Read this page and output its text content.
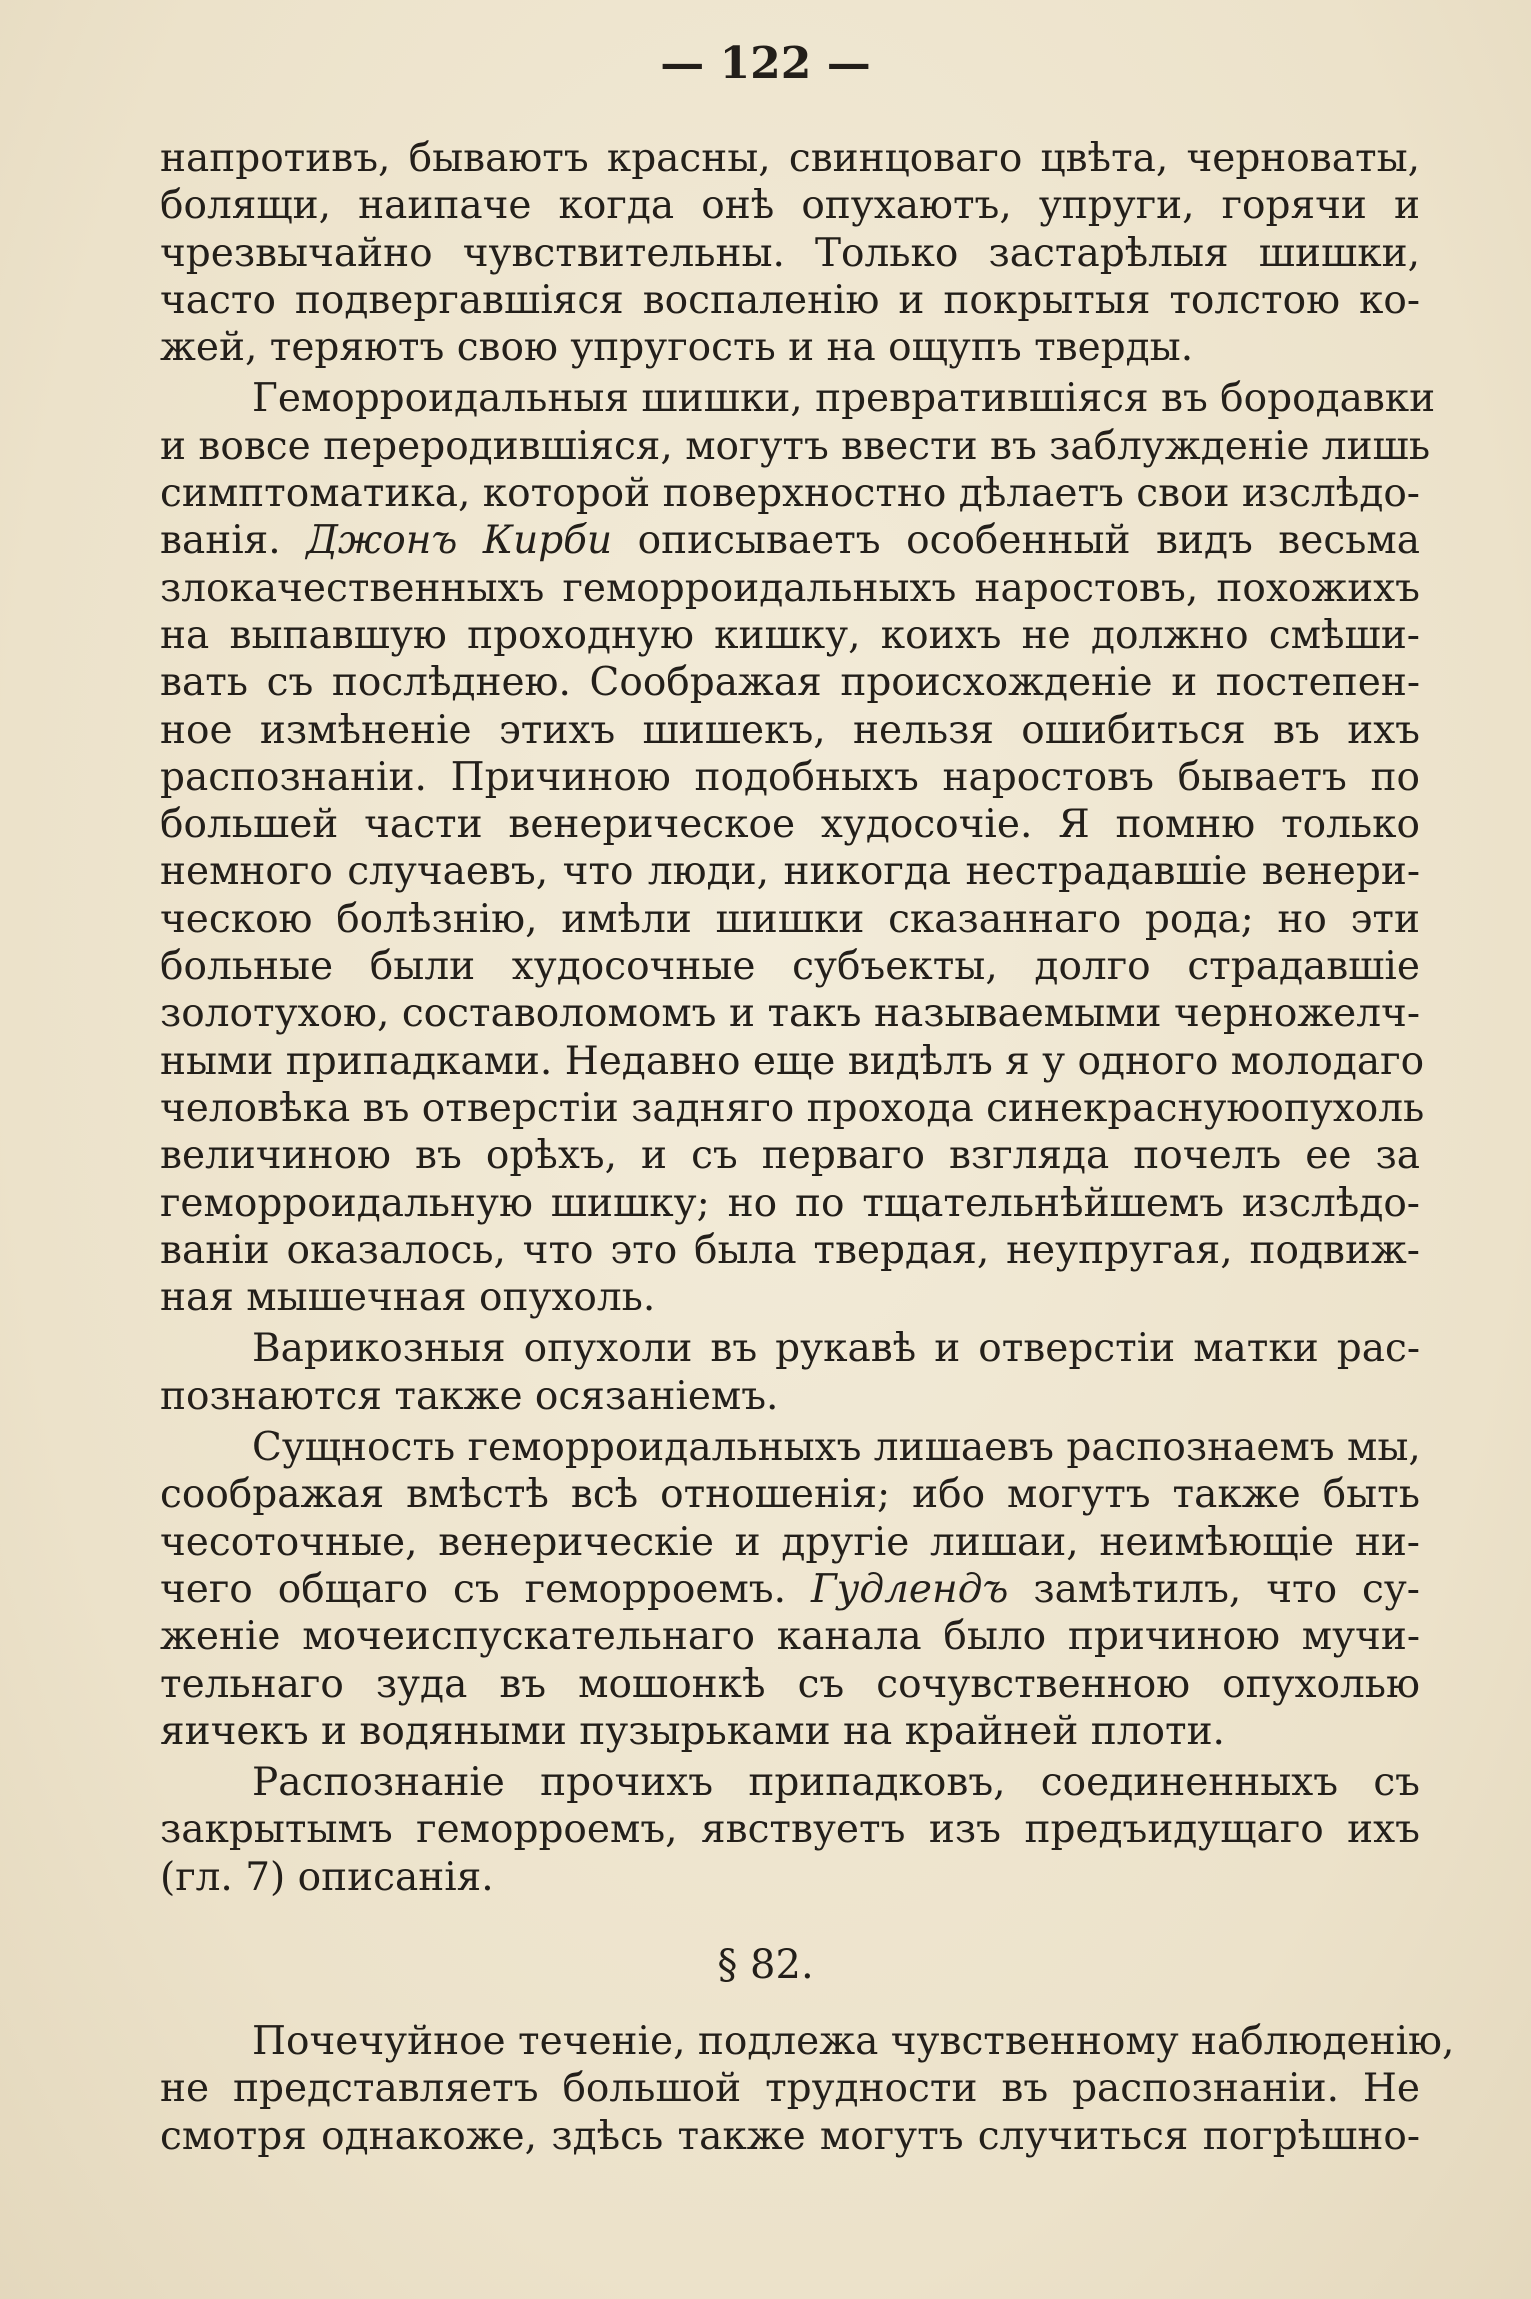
— 122 —
напротивъ, бываютъ красны, свинцоваго цвѣта, черноваты,
болящи, наипаче когда онѣ опухаютъ, упруги, горячи и
чрезвычайно чувствительны. Только застарѣлыя шишки,
часто подвергавшіяся воспаленію и покрытыя толстою ко-
жей, теряютъ свою упругость и на ощупъ тверды.
Геморроидальныя шишки, превратившіяся въ бородавки
и вовсе переродившіяся, могутъ ввести въ заблужденіе лишь
симптоматика, которой поверхностно дѣлаетъ свои изслѣдо-
ванія. Джонъ Кирби описываетъ особенный видъ весьма
злокачественныхъ геморроидальныхъ наростовъ, похожихъ
на выпавшую проходную кишку, коихъ не должно смѣши-
вать съ послѣднею. Соображая происхожденіе и постепен-
ное измѣненіе этихъ шишекъ, нельзя ошибиться въ ихъ
распознаніи. Причиною подобныхъ наростовъ бываетъ по
большей части венерическое худосочіе. Я помню только
немного случаевъ, что люди, никогда нестрадавшіе венери-
ческою болѣзнію, имѣли шишки сказаннаго рода; но эти
больные были худосочные субъекты, долго страдавшіе
золотухою, составоломомъ и такъ называемыми черножелч-
ными припадками. Недавно еще видѣлъ я у одного молодаго
человѣка въ отверстіи задняго прохода синекраснуюопухоль
величиною въ орѣхъ, и съ перваго взгляда почелъ ее за
геморроидальную шишку; но по тщательнѣйшемъ изслѣдо-
ваніи оказалось, что это была твердая, неупругая, подвиж-
ная мышечная опухоль.
Варикозныя опухоли въ рукавѣ и отверстіи матки рас-
познаются также осязаніемъ.
Сущность геморроидальныхъ лишаевъ распознаемъ мы,
соображая вмѣстѣ всѣ отношенія; ибо могутъ также быть
чесоточные, венерическіе и другіе лишаи, неимѣющіе ни-
чего общаго съ геморроемъ. Гудлендъ замѣтилъ, что су-
женіе мочеиспускательнаго канала было причиною мучи-
тельнаго зуда въ мошонкѣ съ сочувственною опухолью
яичекъ и водяными пузырьками на крайней плоти.
Распознаніе прочихъ припадковъ, соединенныхъ съ
закрытымъ геморроемъ, явствуетъ изъ предъидущаго ихъ
(гл. 7) описанія.
§ 82.
Почечуйное теченіе, подлежа чувственному наблюденію,
не представляетъ большой трудности въ распознаніи. Не
смотря однакоже, здѣсь также могутъ случиться погрѣшно-
